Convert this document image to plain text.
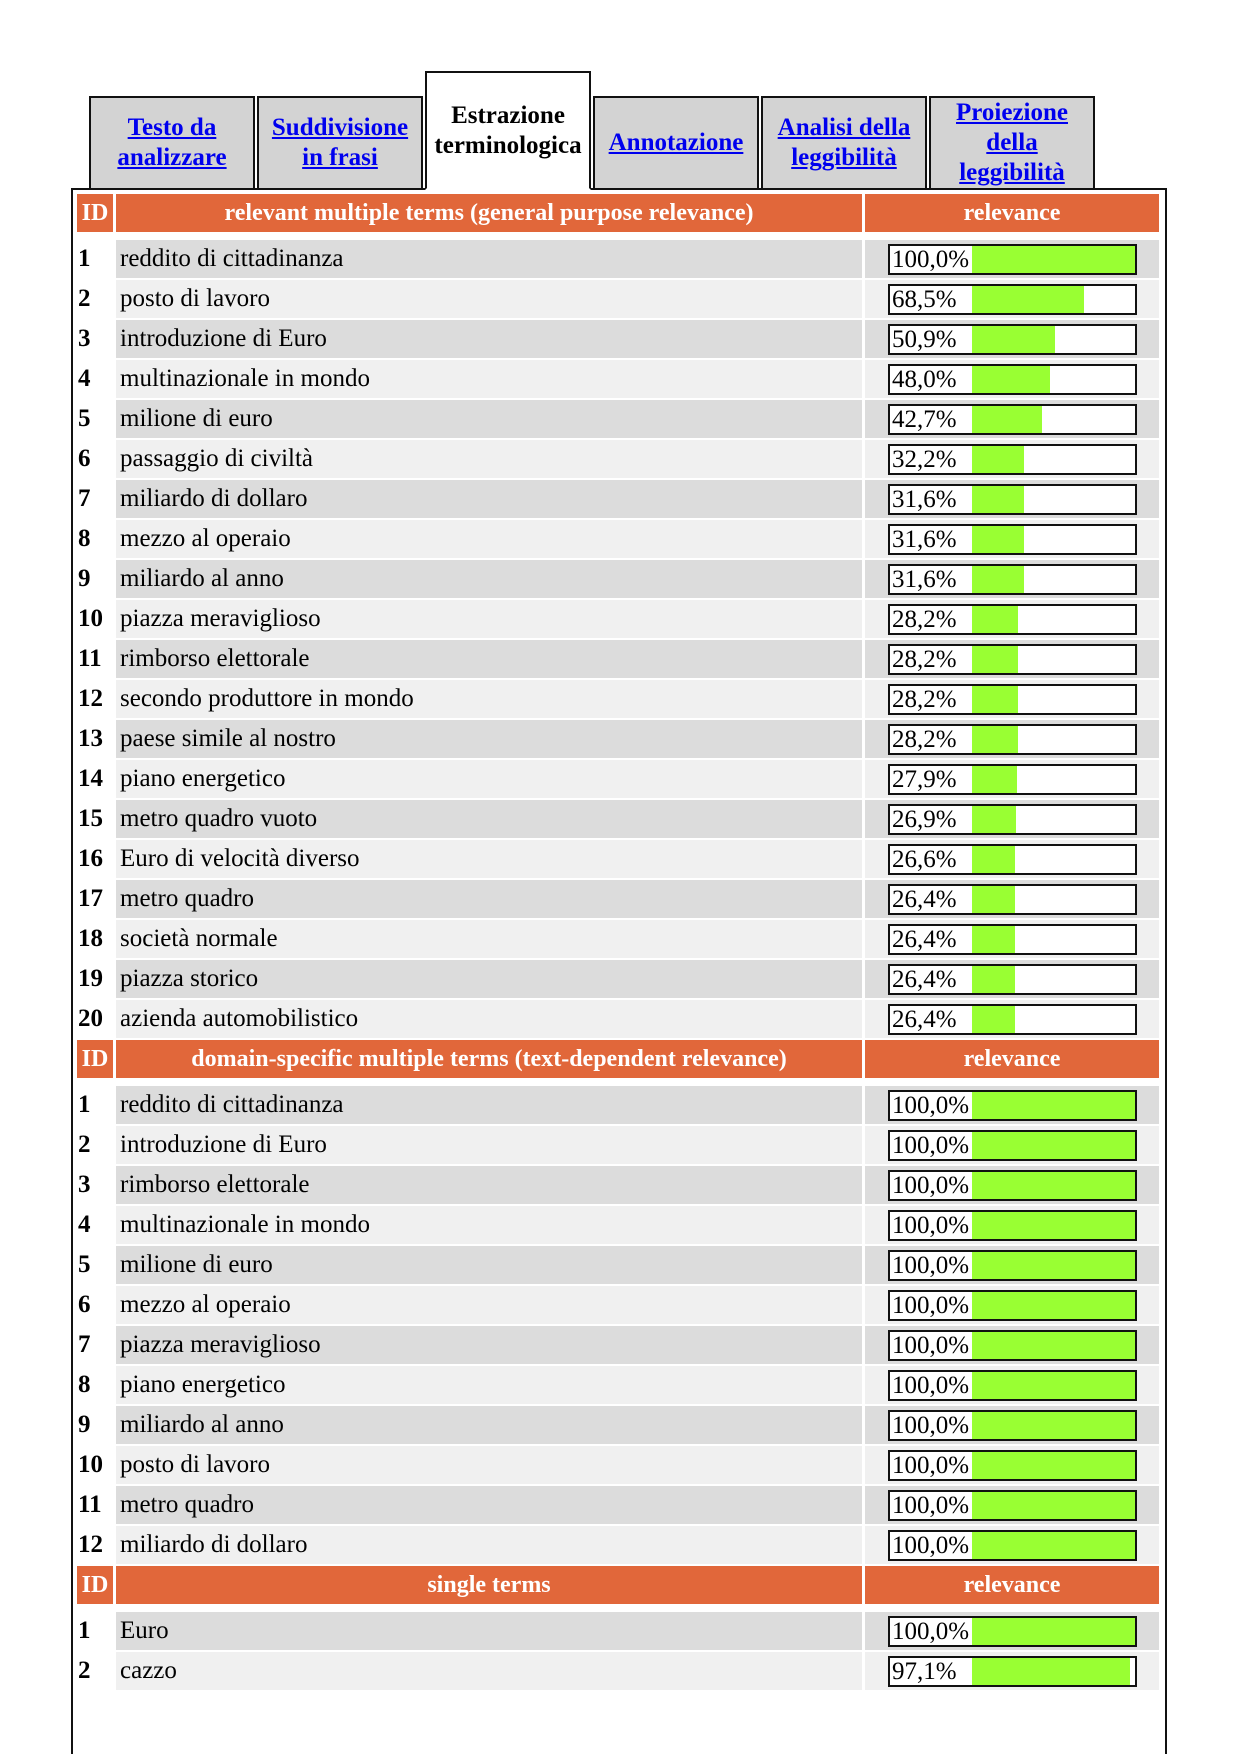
Testo da
analizzare
Suddivisione
in frasi
Estrazione
terminologica Annotazione
Analisi della
leggibilità
Proiezione
della
leggibilità
ID	relevant multiple terms (general purpose relevance)	relevance
1	reddito di cittadinanza	100,0%
2	posto di lavoro	68,5%
3	introduzione di Euro	50,9%
4	multinazionale in mondo	48,0%
5	milione di euro	42,7%
6	passaggio di civiltà	32,2%
7	miliardo di dollaro	31,6%
8	mezzo al operaio	31,6%
9	miliardo al anno	31,6%
10 piazza meraviglioso	28,2%
11 rimborso elettorale	28,2%
12 secondo produttore in mondo	28,2%
13 paese simile al nostro	28,2%
14 piano energetico	27,9%
15 metro quadro vuoto	26,9%
16 Euro di velocità diverso	26,6%
17 metro quadro	26,4%
18 società normale	26,4%
19 piazza storico	26,4%
20 azienda automobilistico	26,4%
ID	domain-specific multiple terms (text-dependent relevance)	relevance
1	reddito di cittadinanza	100,0%
2	introduzione di Euro	100,0%
3	rimborso elettorale	100,0%
4	multinazionale in mondo	100,0%
5	milione di euro	100,0%
6	mezzo al operaio	100,0%
7	piazza meraviglioso	100,0%
8	piano energetico	100,0%
9	miliardo al anno	100,0%
10 posto di lavoro	100,0%
11 metro quadro	100,0%
12 miliardo di dollaro	100,0%
ID	single terms	relevance
1	Euro	100,0%
2	cazzo	97,1%
